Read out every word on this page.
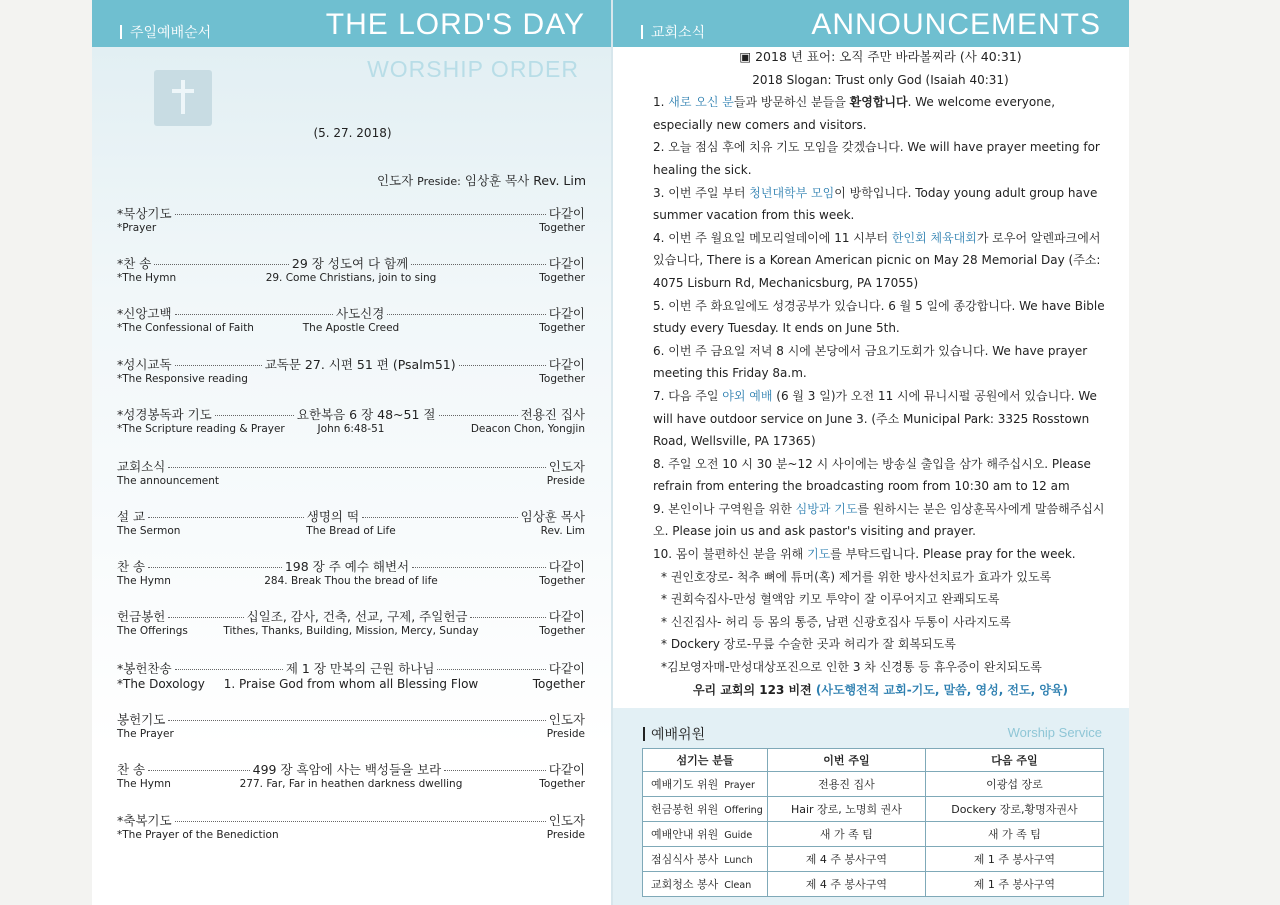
주일예배순서	THE LORD'S DAY
WORSHIP ORDER
(5. 27. 2018)
인도자 Preside: 임상훈 목사 Rev. Lim
*묵상기도	다같이
*Prayer	Together
*찬 송	29 장 성도여 다 함께	다같이
*The Hymn	29. Come Christians, join to sing	Together
*신앙고백	사도신경	다같이
*The Confessional of Faith	The Apostle Creed	Together
*성시교독	교독문 27. 시편 51 편 (Psalm51)	다같이
*The Responsive reading	Together
*성경봉독과 기도	요한복음 6 장 48~51 절	전용진 집사
*The Scripture reading & Prayer	John 6:48-51	Deacon Chon, Yongjin
교회소식	인도자
The announcement	Preside
설 교	생명의 떡	임상훈 목사
The Sermon	The Bread of Life	Rev. Lim
찬 송	198 장 주 예수 해변서	다같이
The Hymn	284. Break Thou the bread of life	Together
헌금봉헌	십일조, 감사, 건축, 선교, 구제, 주일헌금	다같이
The Offerings	Tithes, Thanks, Building, Mission, Mercy, Sunday	Together
*봉헌찬송	제 1 장 만복의 근원 하나님	다같이
*The Doxology	1. Praise God from whom all Blessing Flow	Together
봉헌기도	인도자
The Prayer	Preside
찬 송	499 장 흑암에 사는 백성들을 보라	다같이
The Hymn	277. Far, Far in heathen darkness dwelling	Together
*축복기도	인도자
*The Prayer of the Benediction	Preside
교회소식	ANNOUNCEMENTS

▣ 2018 년 표어: 오직 주만 바라볼찌라 (사 40:31)

2018 Slogan: Trust only God (Isaiah 40:31)

1. 새로 오신 분들과 방문하신 분들을 환영합니다. We welcome everyone, especially new comers and visitors.

2. 오늘 점심 후에 치유 기도 모임을 갖겠습니다. We will have prayer meeting for healing the sick.

3. 이번 주일 부터 청년대학부 모임이 방학입니다. Today young adult group have summer vacation from this week.

4. 이번 주 월요일 메모리얼데이에 11 시부터 한인회 체육대회가 로우어 알렌파크에서 있습니다, There is a Korean American picnic on May 28 Memorial Day (주소: 4075 Lisburn Rd, Mechanicsburg, PA 17055)

5. 이번 주 화요일에도 성경공부가 있습니다. 6 월 5 일에 종강합니다. We have Bible study every Tuesday. It ends on June 5th.

6. 이번 주 금요일 저녁 8 시에 본당에서 금요기도회가 있습니다. We have prayer meeting this Friday 8a.m.

7. 다음 주일 야외 예배 (6 월 3 일)가 오전 11 시에 뮤니시펄 공원에서 있습니다. We will have outdoor service on June 3. (주소 Municipal Park: 3325 Rosstown Road, Wellsville, PA 17365)

8. 주일 오전 10 시 30 분~12 시 사이에는 방송실 출입을 삼가 해주십시오. Please refrain from entering the broadcasting room from 10:30 am to 12 am

9. 본인이나 구역원을 위한 심방과 기도를 원하시는 분은 임상훈목사에게 말씀해주십시오. Please join us and ask pastor's visiting and prayer.

10. 몸이 불편하신 분을 위해 기도를 부탁드립니다. Please pray for the week.

* 권인호장로- 척추 뼈에 튜머(혹) 제거를 위한 방사선치료가 효과가 있도록

* 권회숙집사-만성 혈액암 키모 투약이 잘 이루어지고 완쾌되도록

* 신진집사- 허리 등 몸의 통증, 남편 신광호집사 두통이 사라지도록

* Dockery 장로-무릎 수술한 곳과 허리가 잘 회복되도록

*김보영자매-만성대상포진으로 인한 3 차 신경통 등 휴우증이 완치되도록

우리 교회의 123 비젼 (사도행전적 교회-기도, 말씀, 영성, 전도, 양육)

예배위원	Worship Service
섬기는 분들	이번 주일	다음 주일
예배기도 위원 Prayer	전용진 집사	이광섭 장로
헌금봉헌 위원 Offering	Hair 장로, 노명희 권사	Dockery 장로,황명자권사
예배안내 위원 Guide	새 가 족 팀	새 가 족 팀
점심식사 봉사 Lunch	제 4 주 봉사구역	제 1 주 봉사구역
교회청소 봉사 Clean	제 4 주 봉사구역	제 1 주 봉사구역
